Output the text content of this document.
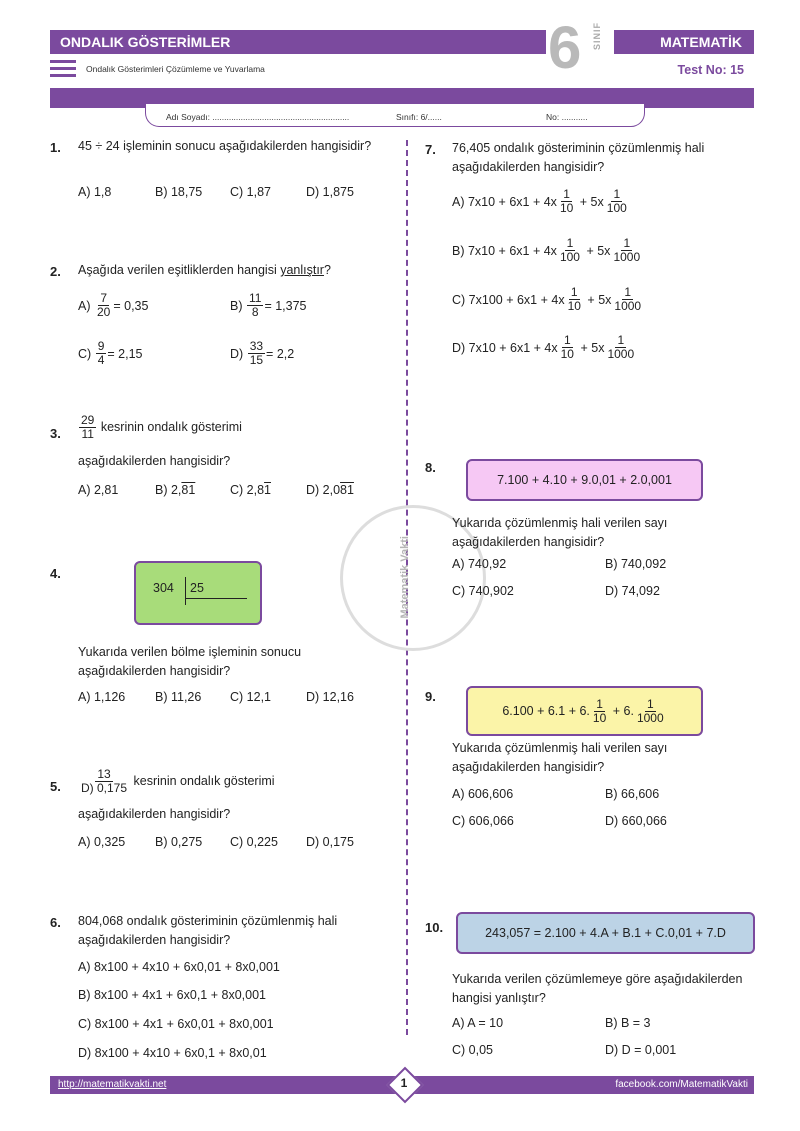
ONDALIK GÖSTERİMLER	MATEMATİK
Ondalık Gösterimleri Çözümleme ve Yuvarlama	6 SINIF
Test No: 15
Adı Soyadı: ..........................................................	Sınıfı: 6/......	No: ...........
Matematik Vakti
1. 45 ÷ 24 işleminin sonucu aşağıdakilerden hangisidir?
A) 1,8	B) 18,75 C) 1,87	D) 1,875
2. Aşağıda verilen eşitliklerden hangisi yanlıştır?
A)
$\frac{7}{20} = 0,35$	B)
$\frac{11}{8} = 1,375$
C)
$\frac{9}{4} = 2,15$	D)
$\frac{33}{15} = 2,2$
3. $\frac{29}{11}$
kesrinin ondalık gösterimi
aşağıdakilerden hangisidir?
A) 2,81	B) 2,81	C) 2,81	D) 2,081
4.
304 25
Yukarıda verilen bölme işleminin sonucu aşağıdakilerden hangisidir?
A) 1,126 B) 11,26 C) 12,1	D) 12,16
5. $\frac{13}{D) 0,175}$
kesrinin ondalık gösterimi
aşağıdakilerden hangisidir?
A) 0,325 B) 0,275 C) 0,225 D) 0,175
6. 804,068 ondalık gösteriminin çözümlenmiş hali aşağıdakilerden hangisidir?
A) 8x100 + 4x10 + 6x0,01 + 8x0,001
B) 8x100 + 4x1 + 6x0,1 + 8x0,001
C) 8x100 + 4x1 + 6x0,01 + 8x0,001
D) 8x100 + 4x10 + 6x0,1 + 8x0,01
7. 76,405 ondalık gösteriminin çözümlenmiş hali aşağıdakilerden hangisidir?
A) $7x10 + 6x1 + 4x \frac{1}{10}$
+ $5x \frac{1}{100}$
B) $7x10 + 6x1 + 4x \frac{1}{100}$
+ $5x \frac{1}{1000}$
C) $7x100 + 6x1 + 4x \frac{1}{10}$
+ $5x \frac{1}{1000}$
D) $7x10 + 6x1 + 4x \frac{1}{10}$
+ $5x \frac{1}{1000}$
8.
7.100 + 4.10 + 9.0,01 + 2.0,001
Yukarıda çözümlenmiş hali verilen sayı aşağıdakilerden hangisidir?
A) 740,92	B) 740,092
C) 740,902	D) 74,092
9.
6.100 + 6.1 + 6. $\frac{1}{10}$
+ 6. $\frac{1}{1000}$
Yukarıda çözümlenmiş hali verilen sayı aşağıdakilerden hangisidir?
A) 606,606	B) 66,606
C) 606,066	D) 660,066
10.	243,057 = 2.100 + 4.A + B.1 + C.0,01 + 7.D
Yukarıda verilen çözümlemeye göre aşağıdakilerden hangisi yanlıştır?
A) A = 10	B) B = 3
C) 0,05	D) D = 0,001
http://matematikvakti.net	facebook.com/MatematikVakti
1
